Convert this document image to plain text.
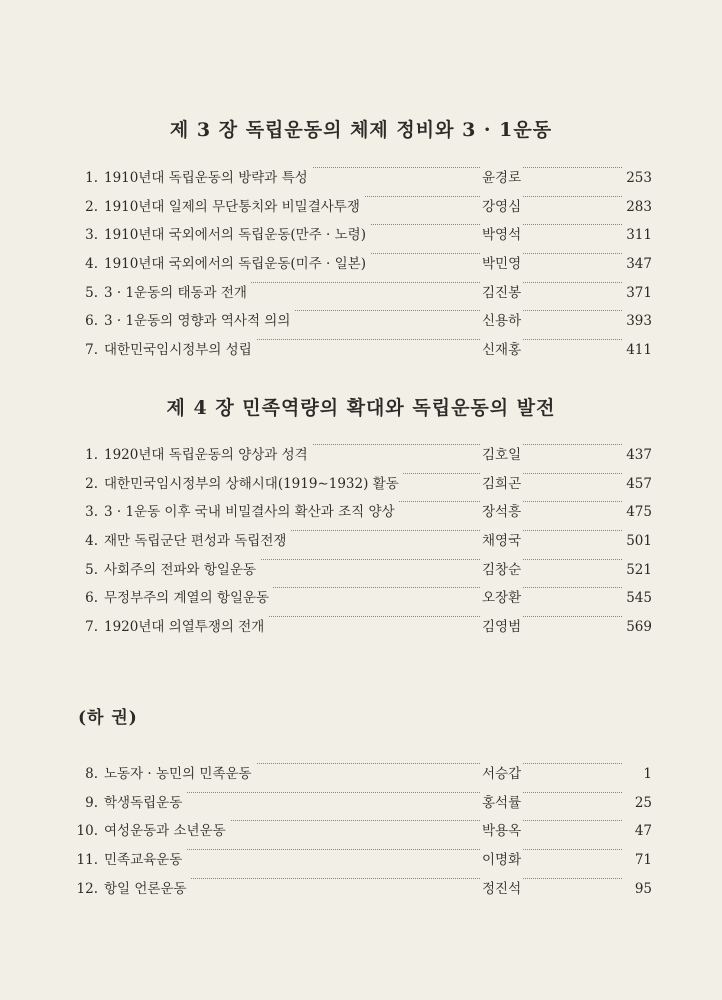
제 3 장 독립운동의 체제 정비와 3 · 1운동
1. 1910년대 독립운동의 방략과 특성	윤경로	253
2. 1910년대 일제의 무단통치와 비밀결사투쟁	강영심	283
3. 1910년대 국외에서의 독립운동(만주 · 노령)	박영석	311
4. 1910년대 국외에서의 독립운동(미주 · 일본)	박민영	347
5. 3 · 1운동의 태동과 전개	김진봉	371
6. 3 · 1운동의 영향과 역사적 의의	신용하	393
7. 대한민국임시정부의 성립	신재홍	411
제 4 장 민족역량의 확대와 독립운동의 발전
1. 1920년대 독립운동의 양상과 성격	김호일	437
2. 대한민국임시정부의 상해시대(1919∼1932) 활동	김희곤	457
3. 3 · 1운동 이후 국내 비밀결사의 확산과 조직 양상	장석흥	475
4. 재만 독립군단 편성과 독립전쟁	채영국	501
5. 사회주의 전파와 항일운동	김창순	521
6. 무정부주의 계열의 항일운동	오장환	545
7. 1920년대 의열투쟁의 전개	김영범	569
(하 권)
8. 노동자 · 농민의 민족운동	서승갑	1
9. 학생독립운동	홍석률	25
10. 여성운동과 소년운동	박용옥	47
11. 민족교육운동	이명화	71
12. 항일 언론운동	정진석	95
